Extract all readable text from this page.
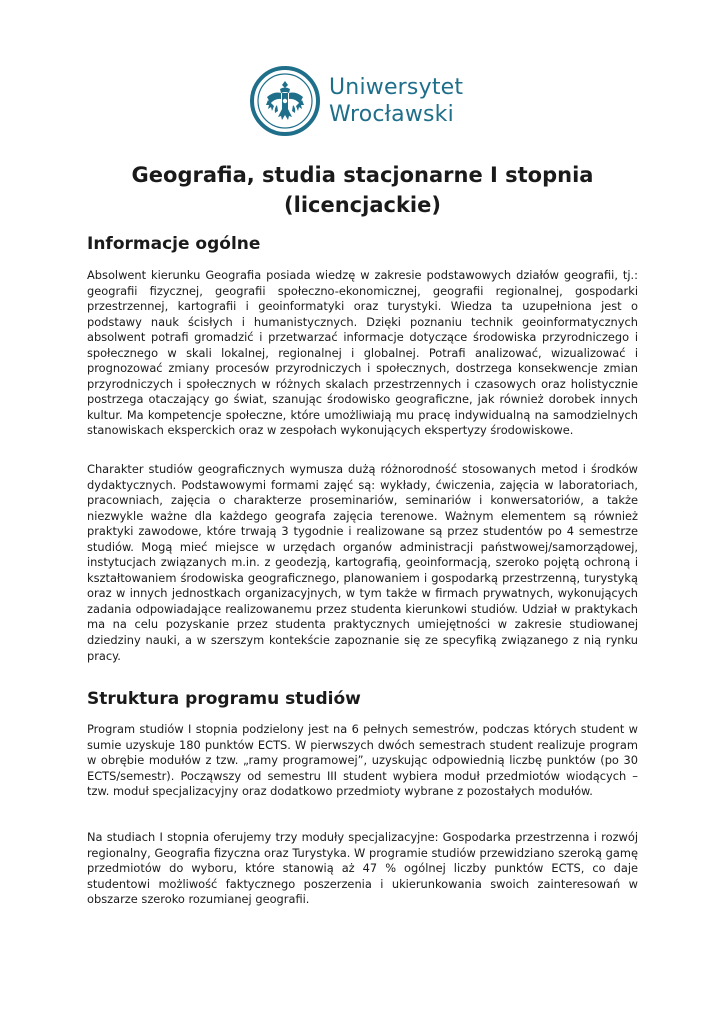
Uniwersytet
Wrocławski
Geografia, studia stacjonarne I stopnia
(licencjackie)
Informacje ogólne

Absolwent kierunku Geografia posiada wiedzę w zakresie podstawowych działów geografii, tj.: geografii fizycznej, geografii społeczno-ekonomicznej, geografii regionalnej, gospodarki przestrzennej, kartografii i geoinformatyki oraz turystyki. Wiedza ta uzupełniona jest o podstawy nauk ścisłych i humanistycznych. Dzięki poznaniu technik geoinformatycznych absolwent potrafi gromadzić i przetwarzać informacje dotyczące środowiska przyrodniczego i społecznego w skali lokalnej, regionalnej i globalnej. Potrafi analizować, wizualizować i prognozować zmiany procesów przyrodniczych i społecznych, dostrzega konsekwencje zmian przyrodniczych i społecznych w różnych skalach przestrzennych i czasowych oraz holistycznie postrzega otaczający go świat, szanując środowisko geograficzne, jak również dorobek innych kultur. Ma kompetencje społeczne, które umożliwiają mu pracę indywidualną na samodzielnych stanowiskach eksperckich oraz w zespołach wykonujących ekspertyzy środowiskowe.

Charakter studiów geograficznych wymusza dużą różnorodność stosowanych metod i środków dydaktycznych. Podstawowymi formami zajęć są: wykłady, ćwiczenia, zajęcia w laboratoriach, pracowniach, zajęcia o charakterze proseminariów, seminariów i konwersatoriów, a także niezwykle ważne dla każdego geografa zajęcia terenowe. Ważnym elementem są również praktyki zawodowe, które trwają 3 tygodnie i realizowane są przez studentów po 4 semestrze studiów. Mogą mieć miejsce w urzędach organów administracji państwowej/samorządowej, instytucjach związanych m.in. z geodezją, kartografią, geoinformacją, szeroko pojętą ochroną i kształtowaniem środowiska geograficznego, planowaniem i gospodarką przestrzenną, turystyką oraz w innych jednostkach organizacyjnych, w tym także w firmach prywatnych, wykonujących zadania odpowiadające realizowanemu przez studenta kierunkowi studiów. Udział w praktykach ma na celu pozyskanie przez studenta praktycznych umiejętności w zakresie studiowanej dziedziny nauki, a w szerszym kontekście zapoznanie się ze specyfiką związanego z nią rynku pracy.

Struktura programu studiów

Program studiów I stopnia podzielony jest na 6 pełnych semestrów, podczas których student w sumie uzyskuje 180 punktów ECTS. W pierwszych dwóch semestrach student realizuje program w obrębie modułów z tzw. „ramy programowej”, uzyskując odpowiednią liczbę punktów (po 30 ECTS/semestr). Począwszy od semestru III student wybiera moduł przedmiotów wiodących – tzw. moduł specjalizacyjny oraz dodatkowo przedmioty wybrane z pozostałych modułów.

Na studiach I stopnia oferujemy trzy moduły specjalizacyjne: Gospodarka przestrzenna i rozwój regionalny, Geografia fizyczna oraz Turystyka. W programie studiów przewidziano szeroką gamę przedmiotów do wyboru, które stanowią aż 47 % ogólnej liczby punktów ECTS, co daje studentowi możliwość faktycznego poszerzenia i ukierunkowania swoich zainteresowań w obszarze szeroko rozumianej geografii.
